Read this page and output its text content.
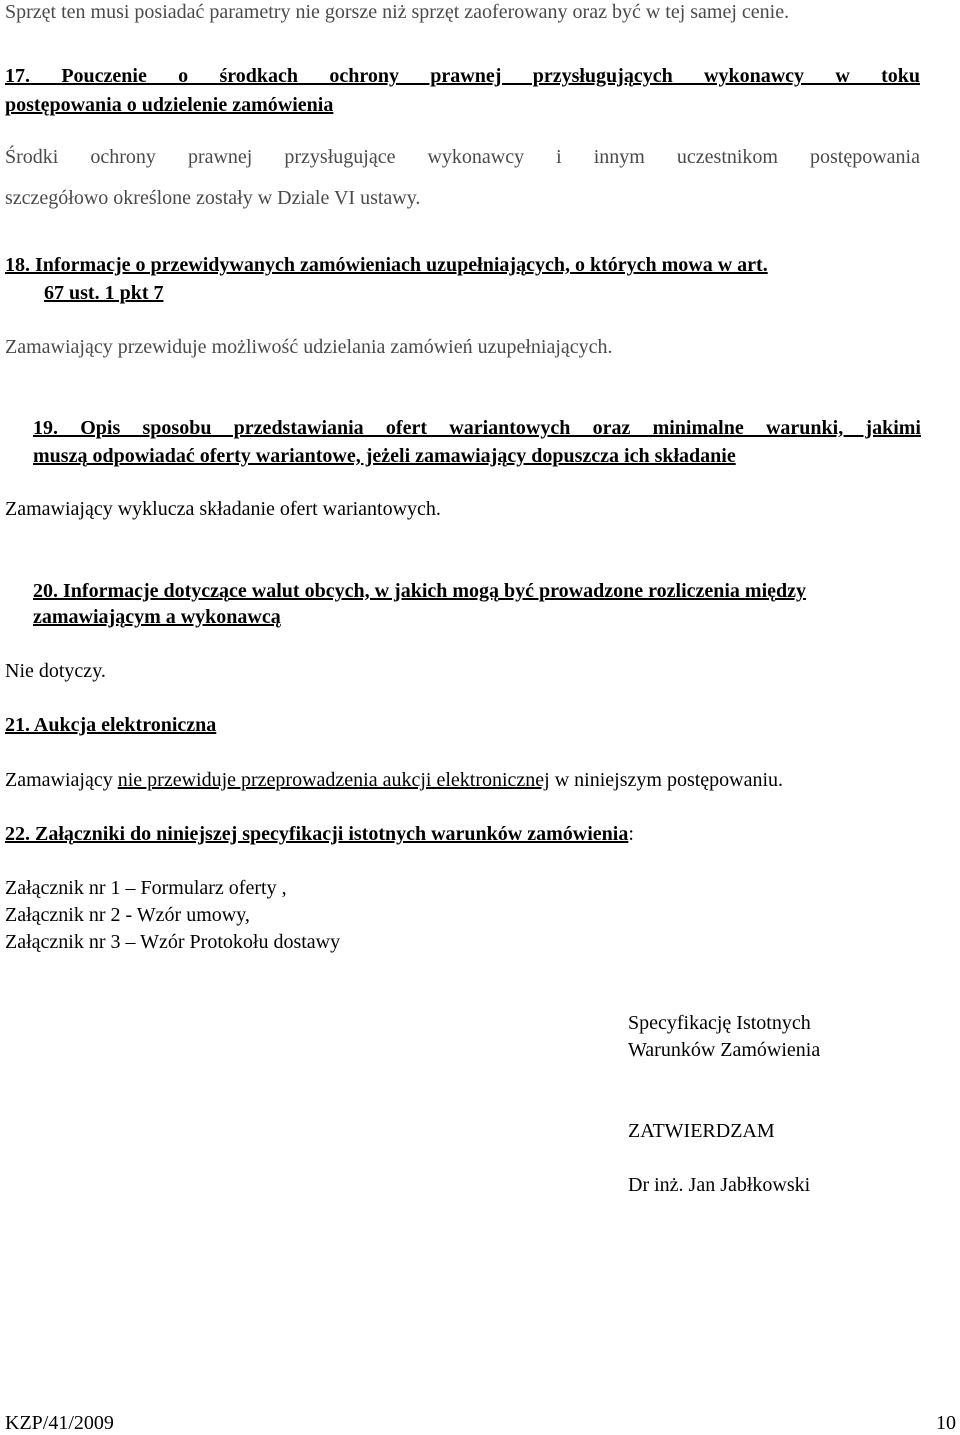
Sprzęt ten musi posiadać parametry nie gorsze niż sprzęt zaoferowany oraz być w tej samej cenie.
17. Pouczenie o środkach ochrony prawnej przysługujących wykonawcy w toku
postępowania o udzielenie zamówienia
Środki ochrony prawnej przysługujące wykonawcy i innym uczestnikom postępowania
szczegółowo określone zostały w Dziale VI ustawy.
18. Informacje o przewidywanych zamówieniach uzupełniających, o których mowa w art.
67 ust. 1 pkt 7
Zamawiający przewiduje możliwość udzielania zamówień uzupełniających.
19. Opis sposobu przedstawiania ofert wariantowych oraz minimalne warunki, jakimi
muszą odpowiadać oferty wariantowe, jeżeli zamawiający dopuszcza ich składanie
Zamawiający wyklucza składanie ofert wariantowych.
20. Informacje dotyczące walut obcych, w jakich mogą być prowadzone rozliczenia między
zamawiającym a wykonawcą
Nie dotyczy.
21. Aukcja elektroniczna
Zamawiający nie przewiduje przeprowadzenia aukcji elektronicznej w niniejszym postępowaniu.
22. Załączniki do niniejszej specyfikacji istotnych warunków zamówienia:
Załącznik nr 1 – Formularz oferty ,
Załącznik nr 2 - Wzór umowy,
Załącznik nr 3 – Wzór Protokołu dostawy
Specyfikację Istotnych
Warunków Zamówienia
ZATWIERDZAM
Dr inż. Jan Jabłkowski
KZP/41/2009	10
